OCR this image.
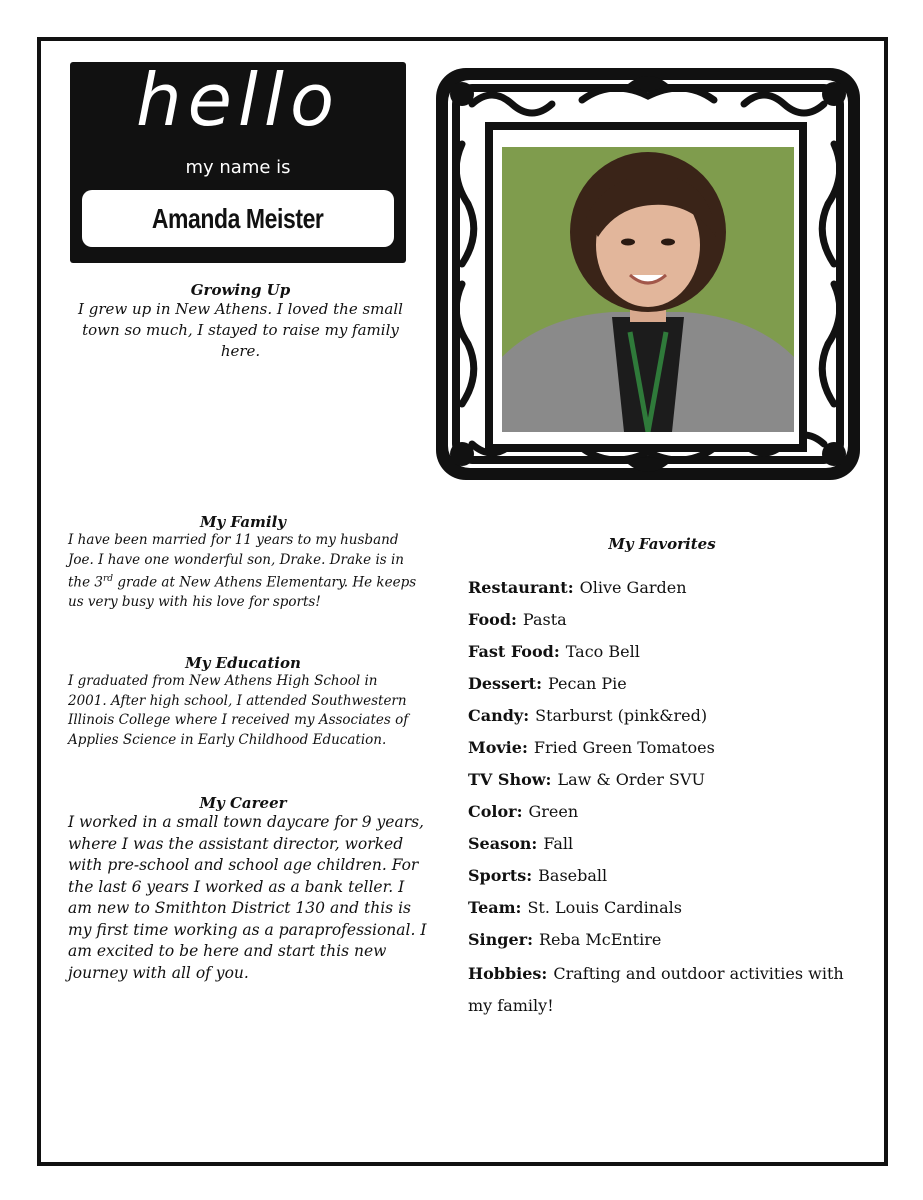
hello
Amanda Meister
my name is

Growing Up

I grew up in New Athens. I loved the small town so much, I stayed to raise my family here.

My Family

I have been married for 11 years to my husband Joe. I have one wonderful son, Drake. Drake is in the 3rd grade at New Athens Elementary. He keeps us very busy with his love for sports!

My Education

I graduated from New Athens High School in 2001. After high school, I attended Southwestern Illinois College where I received my Associates of Applies Science in Early Childhood Education.

My Career

I worked in a small town daycare for 9 years, where I was the assistant director, worked with pre-school and school age children. For the last 6 years I worked as a bank teller. I am new to Smithton District 130 and this is my first time working as a paraprofessional. I am excited to be here and start this new journey with all of you.

My Favorites
Restaurant: Olive Garden
Food: Pasta
Fast Food: Taco Bell
Dessert: Pecan Pie
Candy: Starburst (pink&red)
Movie: Fried Green Tomatoes
TV Show: Law & Order SVU
Color: Green
Season: Fall
Sports: Baseball
Team: St. Louis Cardinals
Singer: Reba McEntire
Hobbies: Crafting and outdoor activities with my family!
